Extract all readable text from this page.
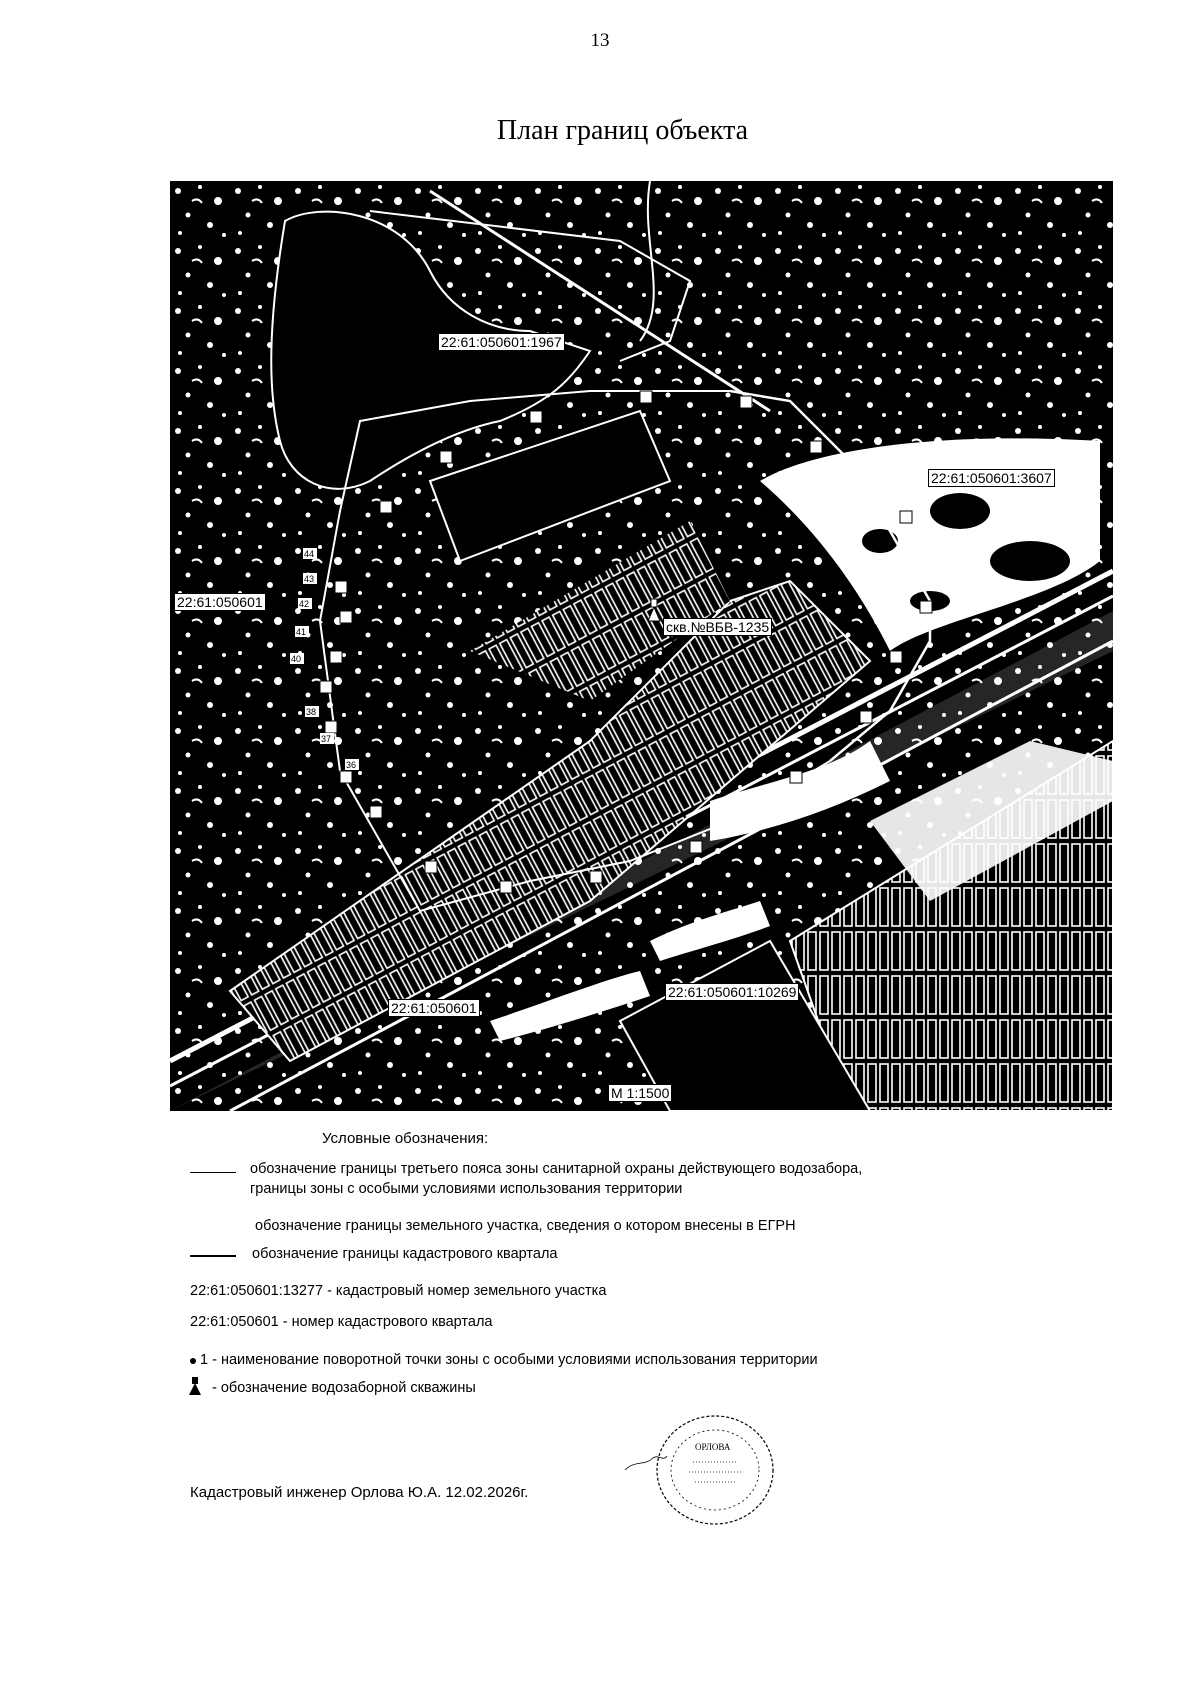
13
План границ объекта
42
43
44
41
40
38
37
36
22:61:050601:1967
22:61:050601:3607
22:61:050601
скв.№ВБВ-1235
22:61:050601
22:61:050601:10269
М 1:1500
Условные обозначения:
обозначение границы третьего пояса зоны санитарной охраны действующего водозабора,
границы зоны с особыми условиями использования территории
обозначение границы земельного участка, сведения о котором внесены в ЕГРН
обозначение границы кадастрового квартала
22:61:050601:13277 - кадастровый номер земельного участка
22:61:050601 - номер кадастрового квартала
1 - наименование поворотной точки зоны с особыми условиями использования территории
- обозначение водозаборной скважины
ОРЛОВА
Кадастровый инженер Орлова Ю.А. 12.02.2026г.
